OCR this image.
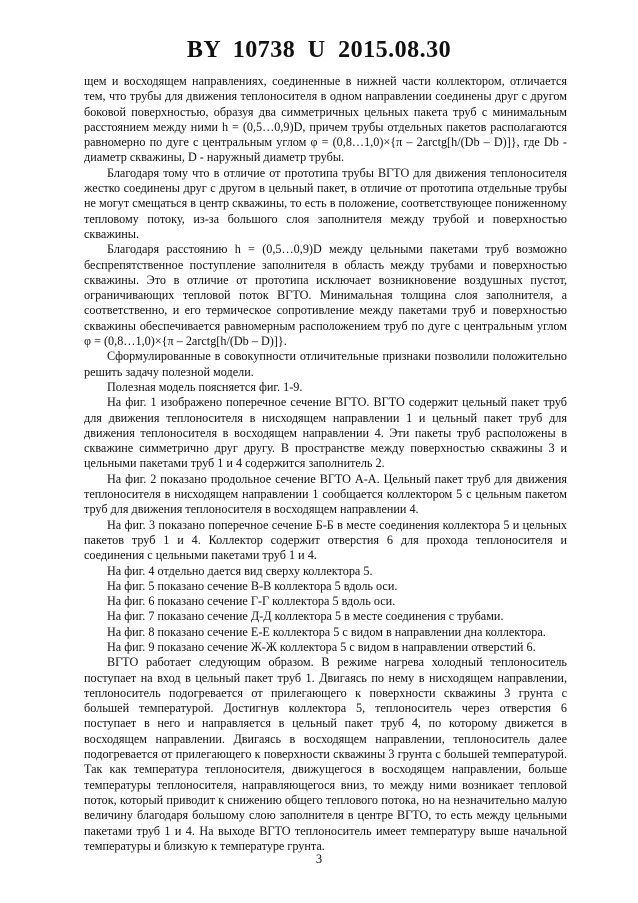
BY 10738 U 2015.08.30

щем и восходящем направлениях, соединенные в нижней части коллектором, отличается тем, что трубы для движения теплоносителя в одном направлении соединены друг с другом боковой поверхностью, образуя два симметричных цельных пакета труб с минимальным расстоянием между ними h = (0,5…0,9)D, причем трубы отдельных пакетов располагаются равномерно по дуге с центральным углом φ = (0,8…1,0)×{π – 2arctg[h/(Db – D)]}, где Db - диаметр скважины, D - наружный диаметр трубы.

Благодаря тому что в отличие от прототипа трубы ВГТО для движения теплоносителя жестко соединены друг с другом в цельный пакет, в отличие от прототипа отдельные трубы не могут смещаться в центр скважины, то есть в положение, соответствующее пониженному тепловому потоку, из-за большого слоя заполнителя между трубой и поверхностью скважины.

Благодаря расстоянию h = (0,5…0,9)D между цельными пакетами труб возможно беспрепятственное поступление заполнителя в область между трубами и поверхностью скважины. Это в отличие от прототипа исключает возникновение воздушных пустот, ограничивающих тепловой поток ВГТО. Минимальная толщина слоя заполнителя, а соответственно, и его термическое сопротивление между пакетами труб и поверхностью скважины обеспечивается равномерным расположением труб по дуге с центральным углом φ = (0,8…1,0)×{π – 2arctg[h/(Db – D)]}.

Сформулированные в совокупности отличительные признаки позволили положительно решить задачу полезной модели.

Полезная модель поясняется фиг. 1-9.

На фиг. 1 изображено поперечное сечение ВГТО. ВГТО содержит цельный пакет труб для движения теплоносителя в нисходящем направлении 1 и цельный пакет труб для движения теплоносителя в восходящем направлении 4. Эти пакеты труб расположены в скважине симметрично друг другу. В пространстве между поверхностью скважины 3 и цельными пакетами труб 1 и 4 содержится заполнитель 2.

На фиг. 2 показано продольное сечение ВГТО А-А. Цельный пакет труб для движения теплоносителя в нисходящем направлении 1 сообщается коллектором 5 с цельным пакетом труб для движения теплоносителя в восходящем направлении 4.

На фиг. 3 показано поперечное сечение Б-Б в месте соединения коллектора 5 и цельных пакетов труб 1 и 4. Коллектор содержит отверстия 6 для прохода теплоносителя и соединения с цельными пакетами труб 1 и 4.

На фиг. 4 отдельно дается вид сверху коллектора 5.

На фиг. 5 показано сечение В-В коллектора 5 вдоль оси.

На фиг. 6 показано сечение Г-Г коллектора 5 вдоль оси.

На фиг. 7 показано сечение Д-Д коллектора 5 в месте соединения с трубами.

На фиг. 8 показано сечение Е-Е коллектора 5 с видом в направлении дна коллектора.

На фиг. 9 показано сечение Ж-Ж коллектора 5 с видом в направлении отверстий 6.

ВГТО работает следующим образом. В режиме нагрева холодный теплоноситель поступает на вход в цельный пакет труб 1. Двигаясь по нему в нисходящем направлении, теплоноситель подогревается от прилегающего к поверхности скважины 3 грунта с большей температурой. Достигнув коллектора 5, теплоноситель через отверстия 6 поступает в него и направляется в цельный пакет труб 4, по которому движется в восходящем направлении. Двигаясь в восходящем направлении, теплоноситель далее подогревается от прилегающего к поверхности скважины 3 грунта с большей температурой. Так как температура теплоносителя, движущегося в восходящем направлении, больше температуры теплоносителя, направляющегося вниз, то между ними возникает тепловой поток, который приводит к снижению общего теплового потока, но на незначительно малую величину благодаря большому слою заполнителя в центре ВГТО, то есть между цельными пакетами труб 1 и 4. На выходе ВГТО теплоноситель имеет температуру выше начальной температуры и близкую к температуре грунта.

3
